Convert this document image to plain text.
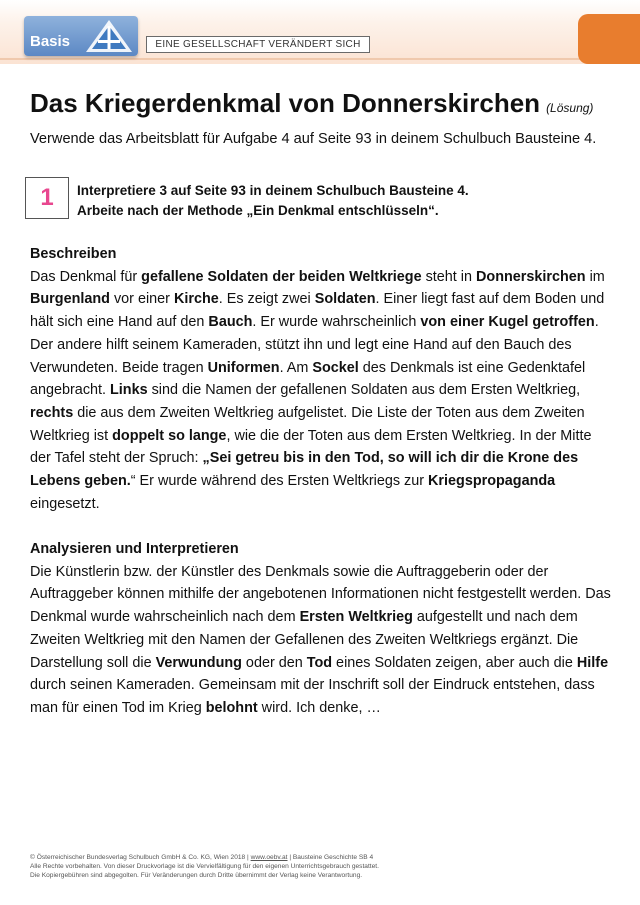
Basis	EINE GESELLSCHAFT VERÄNDERT SICH
Das Kriegerdenkmal von Donnerskirchen (Lösung)

Verwende das Arbeitsblatt für Aufgabe 4 auf Seite 93 in deinem Schulbuch Bausteine 4.

1	Interpretiere 3 auf Seite 93 in deinem Schulbuch Bausteine 4.
Arbeite nach der Methode „Ein Denkmal entschlüsseln“.
Beschreiben

Das Denkmal für gefallene Soldaten der beiden Weltkriege steht in Donnerskirchen im Burgenland vor einer Kirche. Es zeigt zwei Soldaten. Einer liegt fast auf dem Boden und hält sich eine Hand auf den Bauch. Er wurde wahrscheinlich von einer Kugel getroffen. Der andere hilft seinem Kameraden, stützt ihn und legt eine Hand auf den Bauch des Verwundeten. Beide tragen Uniformen. Am Sockel des Denkmals ist eine Gedenktafel angebracht. Links sind die Namen der gefallenen Soldaten aus dem Ersten Weltkrieg, rechts die aus dem Zweiten Weltkrieg aufgelistet. Die Liste der Toten aus dem Zweiten Weltkrieg ist doppelt so lange, wie die der Toten aus dem Ersten Weltkrieg. In der Mitte der Tafel steht der Spruch: „Sei getreu bis in den Tod, so will ich dir die Krone des Lebens geben.“ Er wurde während des Ersten Weltkriegs zur Kriegspropaganda eingesetzt.

Analysieren und Interpretieren

Die Künstlerin bzw. der Künstler des Denkmals sowie die Auftraggeberin oder der Auftraggeber können mithilfe der angebotenen Informationen nicht festgestellt werden. Das Denkmal wurde wahrscheinlich nach dem Ersten Weltkrieg aufgestellt und nach dem Zweiten Weltkrieg mit den Namen der Gefallenen des Zweiten Weltkriegs ergänzt. Die Darstellung soll die Verwundung oder den Tod eines Soldaten zeigen, aber auch die Hilfe durch seinen Kameraden. Gemeinsam mit der Inschrift soll der Eindruck entstehen, dass man für einen Tod im Krieg belohnt wird. Ich denke, …

© Österreichischer Bundesverlag Schulbuch GmbH & Co. KG, Wien 2018 | www.oebv.at | Bausteine Geschichte SB 4
Alle Rechte vorbehalten. Von dieser Druckvorlage ist die Vervielfältigung für den eigenen Unterrichtsgebrauch gestattet.
Die Kopiergebühren sind abgegolten. Für Veränderungen durch Dritte übernimmt der Verlag keine Verantwortung.
